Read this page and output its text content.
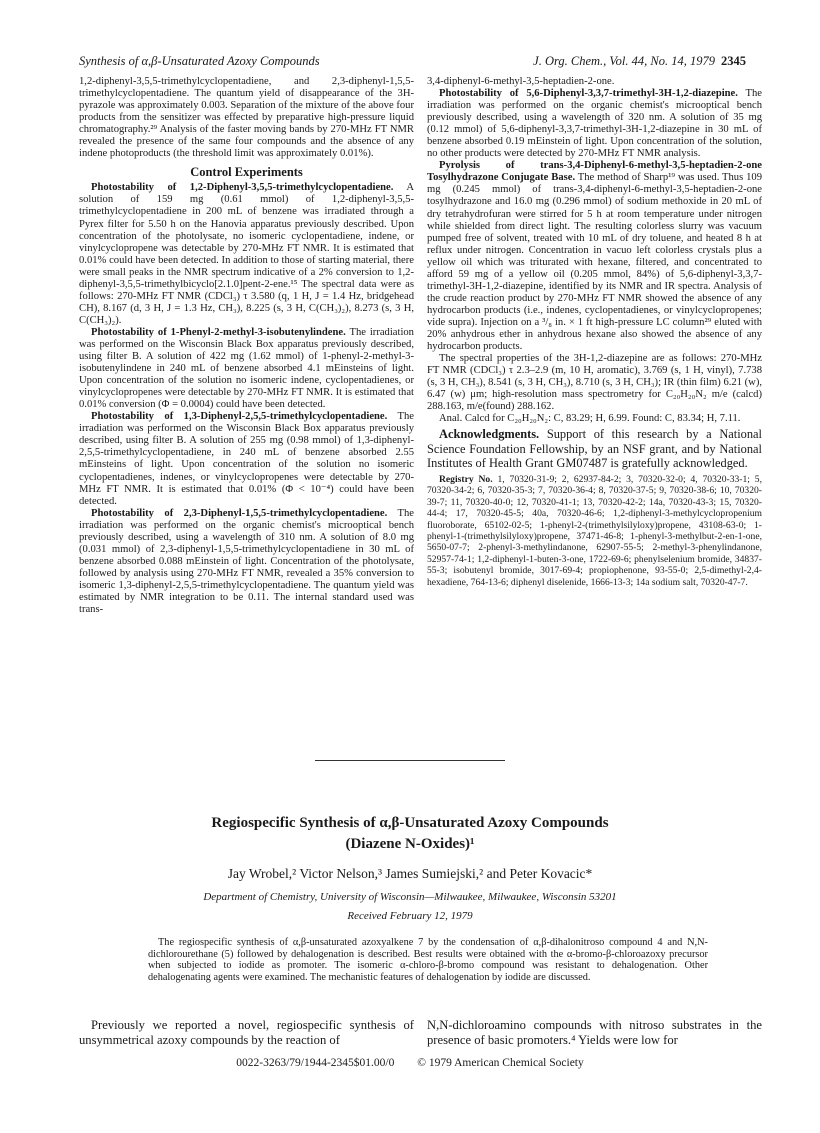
Synthesis of α,β-Unsaturated Azoxy Compounds	J. Org. Chem., Vol. 44, No. 14, 1979 2345

1,2-diphenyl-3,5,5-trimethylcyclopentadiene, and 2,3-diphenyl-1,5,5-trimethylcyclopentadiene. The quantum yield of disappearance of the 3H-pyrazole was approximately 0.003. Separation of the mixture of the above four products from the sensitizer was effected by preparative high-pressure liquid chromatography.²⁹ Analysis of the faster moving bands by 270-MHz FT NMR revealed the presence of the same four compounds and the absence of any indene photoproducts (the threshold limit was approximately 0.01%).

Control Experiments

Photostability of 1,2-Diphenyl-3,5,5-trimethylcyclopentadiene. A solution of 159 mg (0.61 mmol) of 1,2-diphenyl-3,5,5-trimethylcyclopentadiene in 200 mL of benzene was irradiated through a Pyrex filter for 5.50 h on the Hanovia apparatus previously described. Upon concentration of the photolysate, no isomeric cyclopentadiene, indene, or vinylcyclopropene was detectable by 270-MHz FT NMR. It is estimated that 0.01% could have been detected. In addition to those of starting material, there were small peaks in the NMR spectrum indicative of a 2% conversion to 1,2-diphenyl-3,5,5-trimethylbicyclo[2.1.0]pent-2-ene.¹⁵ The spectral data were as follows: 270-MHz FT NMR (CDCl₃) τ 3.580 (q, 1 H, J = 1.4 Hz, bridgehead CH), 8.167 (d, 3 H, J = 1.3 Hz, CH₃), 8.225 (s, 3 H, C(CH₃)₂), 8.273 (s, 3 H, C(CH₃)₂).

Photostability of 1-Phenyl-2-methyl-3-isobutenylindene. The irradiation was performed on the Wisconsin Black Box apparatus previously described, using filter B. A solution of 422 mg (1.62 mmol) of 1-phenyl-2-methyl-3-isobutenylindene in 240 mL of benzene absorbed 4.1 mEinsteins of light. Upon concentration of the solution no isomeric indene, cyclopentadienes, or vinylcyclopropenes were detectable by 270-MHz FT NMR. It is estimated that 0.01% conversion (Φ = 0.0004) could have been detected.

Photostability of 1,3-Diphenyl-2,5,5-trimethylcyclopentadiene. The irradiation was performed on the Wisconsin Black Box apparatus previously described, using filter B. A solution of 255 mg (0.98 mmol) of 1,3-diphenyl-2,5,5-trimethylcyclopentadiene, in 240 mL of benzene absorbed 2.55 mEinsteins of light. Upon concentration of the solution no isomeric cyclopentadienes, indenes, or vinylcyclopropenes were detectable by 270-MHz FT NMR. It is estimated that 0.01% (Φ < 10⁻⁴) could have been detected.

Photostability of 2,3-Diphenyl-1,5,5-trimethylcyclopentadiene. The irradiation was performed on the organic chemist's microoptical bench previously described, using a wavelength of 310 nm. A solution of 8.0 mg (0.031 mmol) of 2,3-diphenyl-1,5,5-trimethylcyclopentadiene in 30 mL of benzene absorbed 0.088 mEinstein of light. Concentration of the photolysate, followed by analysis using 270-MHz FT NMR, revealed a 35% conversion to isomeric 1,3-diphenyl-2,5,5-trimethylcyclopentadiene. The quantum yield was estimated by NMR integration to be 0.11. The internal standard used was trans-

3,4-diphenyl-6-methyl-3,5-heptadien-2-one.

Photostability of 5,6-Diphenyl-3,3,7-trimethyl-3H-1,2-diazepine. The irradiation was performed on the organic chemist's microoptical bench previously described, using a wavelength of 320 nm. A solution of 35 mg (0.12 mmol) of 5,6-diphenyl-3,3,7-trimethyl-3H-1,2-diazepine in 30 mL of benzene absorbed 0.19 mEinstein of light. Upon concentration of the solution, no other products were detected by 270-MHz FT NMR analysis.

Pyrolysis of trans-3,4-Diphenyl-6-methyl-3,5-heptadien-2-one Tosylhydrazone Conjugate Base. The method of Sharp¹⁹ was used. Thus 109 mg (0.245 mmol) of trans-3,4-diphenyl-6-methyl-3,5-heptadien-2-one tosylhydrazone and 16.0 mg (0.296 mmol) of sodium methoxide in 20 mL of dry tetrahydrofuran were stirred for 5 h at room temperature under nitrogen while shielded from direct light. The resulting colorless slurry was vacuum pumped free of solvent, treated with 10 mL of dry toluene, and heated 8 h at reflux under nitrogen. Concentration in vacuo left colorless crystals plus a yellow oil which was triturated with hexane, filtered, and concentrated to afford 59 mg of a yellow oil (0.205 mmol, 84%) of 5,6-diphenyl-3,3,7-trimethyl-3H-1,2-diazepine, identified by its NMR and IR spectra. Analysis of the crude reaction product by 270-MHz FT NMR showed the absence of any hydrocarbon products (i.e., indenes, cyclopentadienes, or vinylcyclopropenes; vide supra). Injection on a ³/₈ in. × 1 ft high-pressure LC column²⁹ eluted with 20% anhydrous ether in anhydrous hexane also showed the absence of any hydrocarbon products.

The spectral properties of the 3H-1,2-diazepine are as follows: 270-MHz FT NMR (CDCl₃) τ 2.3–2.9 (m, 10 H, aromatic), 3.769 (s, 1 H, vinyl), 7.738 (s, 3 H, CH₃), 8.541 (s, 3 H, CH₃), 8.710 (s, 3 H, CH₃); IR (thin film) 6.21 (w), 6.47 (w) μm; high-resolution mass spectrometry for C₂₀H₂₀N₂ m/e (calcd) 288.163, m/e(found) 288.162.

Anal. Calcd for C₂₀H₂₀N₂: C, 83.29; H, 6.99. Found: C, 83.34; H, 7.11.

Acknowledgments. Support of this research by a National Science Foundation Fellowship, by an NSF grant, and by National Institutes of Health Grant GM07487 is gratefully acknowledged.

Registry No. 1, 70320-31-9; 2, 62937-84-2; 3, 70320-32-0; 4, 70320-33-1; 5, 70320-34-2; 6, 70320-35-3; 7, 70320-36-4; 8, 70320-37-5; 9, 70320-38-6; 10, 70320-39-7; 11, 70320-40-0; 12, 70320-41-1; 13, 70320-42-2; 14a, 70320-43-3; 15, 70320-44-4; 17, 70320-45-5; 40a, 70320-46-6; 1,2-diphenyl-3-methylcyclopropenium fluoroborate, 65102-02-5; 1-phenyl-2-(trimethylsilyloxy)propene, 43108-63-0; 1-phenyl-1-(trimethylsilyloxy)propene, 37471-46-8; 1-phenyl-3-methylbut-2-en-1-one, 5650-07-7; 2-phenyl-3-methylindanone, 62907-55-5; 2-methyl-3-phenylindanone, 52957-74-1; 1,2-diphenyl-1-buten-3-one, 1722-69-6; phenylselenium bromide, 34837-55-3; isobutenyl bromide, 3017-69-4; propiophenone, 93-55-0; 2,5-dimethyl-2,4-hexadiene, 764-13-6; diphenyl diselenide, 1666-13-3; 14a sodium salt, 70320-47-7.

Regiospecific Synthesis of α,β-Unsaturated Azoxy Compounds
(Diazene N-Oxides)¹
Jay Wrobel,² Victor Nelson,³ James Sumiejski,² and Peter Kovacic*
Department of Chemistry, University of Wisconsin—Milwaukee, Milwaukee, Wisconsin 53201
Received February 12, 1979
The regiospecific synthesis of α,β-unsaturated azoxyalkene 7 by the condensation of α,β-dihalonitroso compound 4 and N,N-dichlorourethane (5) followed by dehalogenation is described. Best results were obtained with the α-bromo-β-chloroazoxy precursor when subjected to iodide as promoter. The isomeric α-chloro-β-bromo compound was resistant to dehalogenation. Other dehalogenating agents were examined. The mechanistic features of dehalogenation by iodide are discussed.
Previously we reported a novel, regiospecific synthesis of unsymmetrical azoxy compounds by the reaction of
N,N-dichloroamino compounds with nitroso substrates in the presence of basic promoters.⁴ Yields were low for
0022-3263/79/1944-2345$01.00/0 © 1979 American Chemical Society
